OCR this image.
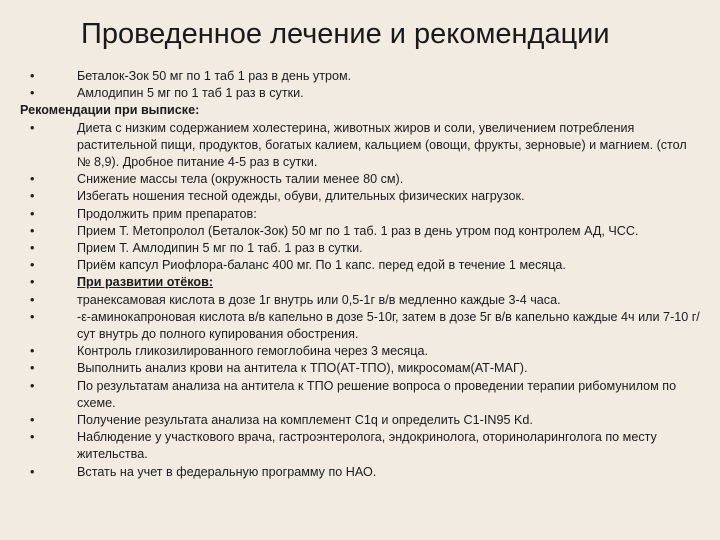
Проведенное лечение и рекомендации
•	Беталок-Зок 50 мг по 1 таб 1 раз в день утром.
•	Амлодипин 5 мг по 1 таб 1 раз в сутки.
Рекомендации при выписке:
•	Диета с низким содержанием холестерина, животных жиров и соли, увеличением потребления растительной пищи, продуктов, богатых калием, кальцием (овощи, фрукты, зерновые) и магнием. (стол № 8,9). Дробное питание 4-5 раз в сутки.
•	Снижение массы тела (окружность талии менее 80 см).
•	Избегать ношения тесной одежды, обуви, длительных физических нагрузок.
•	Продолжить прим препаратов:
•	Прием Т. Метопролол (Беталок-Зок) 50 мг по 1 таб. 1 раз в день утром под контролем АД, ЧСС.
•	Прием Т. Амлодипин 5 мг по 1 таб. 1 раз в сутки.
•	Приём капсул Риофлора-баланс 400 мг. По 1 капс. перед едой в течение 1 месяца.
•	При развитии отёков:
•	транексамовая кислота в дозе 1г внутрь или 0,5-1г в/в медленно каждые 3-4 часа.
•	-ε-аминокапроновая кислота в/в капельно в дозе 5-10г, затем в дозе 5г в/в капельно каждые 4ч или 7-10 г/сут внутрь до полного купирования обострения.
•	Контроль гликозилированного гемоглобина через 3 месяца.
•	Выполнить анализ крови на антитела к ТПО(АТ-ТПО), микросомам(АТ-МАГ).
•	По результатам анализа на антитела к ТПО решение вопроса о проведении терапии рибомунилом по схеме.
•	Получение результата анализа на комплемент С1q и определить С1-IN95 Kd.
•	Наблюдение у участкового врача, гастроэнтеролога, эндокринолога, оториноларинголога по месту жительства.
•	Встать на учет в федеральную программу по НАО.
